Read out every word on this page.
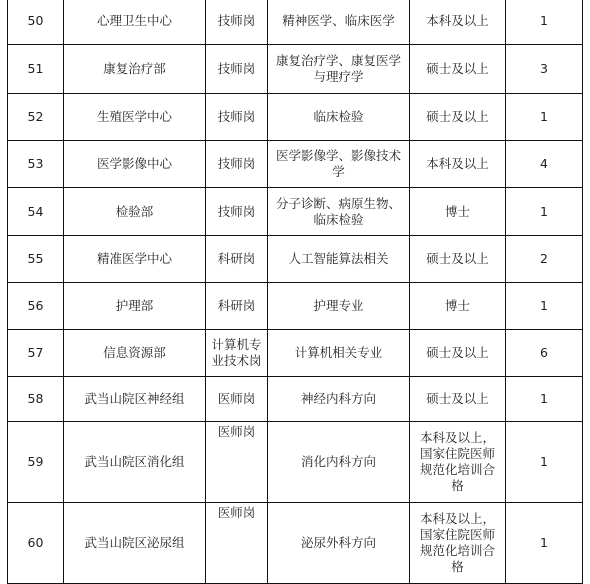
50	心理卫生中心	技师岗	精神医学、临床医学	本科及以上	1
51	康复治疗部	技师岗	康复治疗学、康复医学与理疗学	硕士及以上	3
52	生殖医学中心	技师岗	临床检验	硕士及以上	1
53	医学影像中心	技师岗	医学影像学、影像技术学	本科及以上	4
54	检验部	技师岗	分子诊断、病原生物、临床检验	博士	1
55	精准医学中心	科研岗	人工智能算法相关	硕士及以上	2
56	护理部	科研岗	护理专业	博士	1
57	信息资源部	计算机专业技术岗	计算机相关专业	硕士及以上	6
58	武当山院区神经组	医师岗	神经内科方向	硕士及以上	1
59	武当山院区消化组	医师岗	消化内科方向	本科及以上，国家住院医师规范化培训合格	1
60	武当山院区泌尿组	医师岗	泌尿外科方向	本科及以上，国家住院医师规范化培训合格	1
